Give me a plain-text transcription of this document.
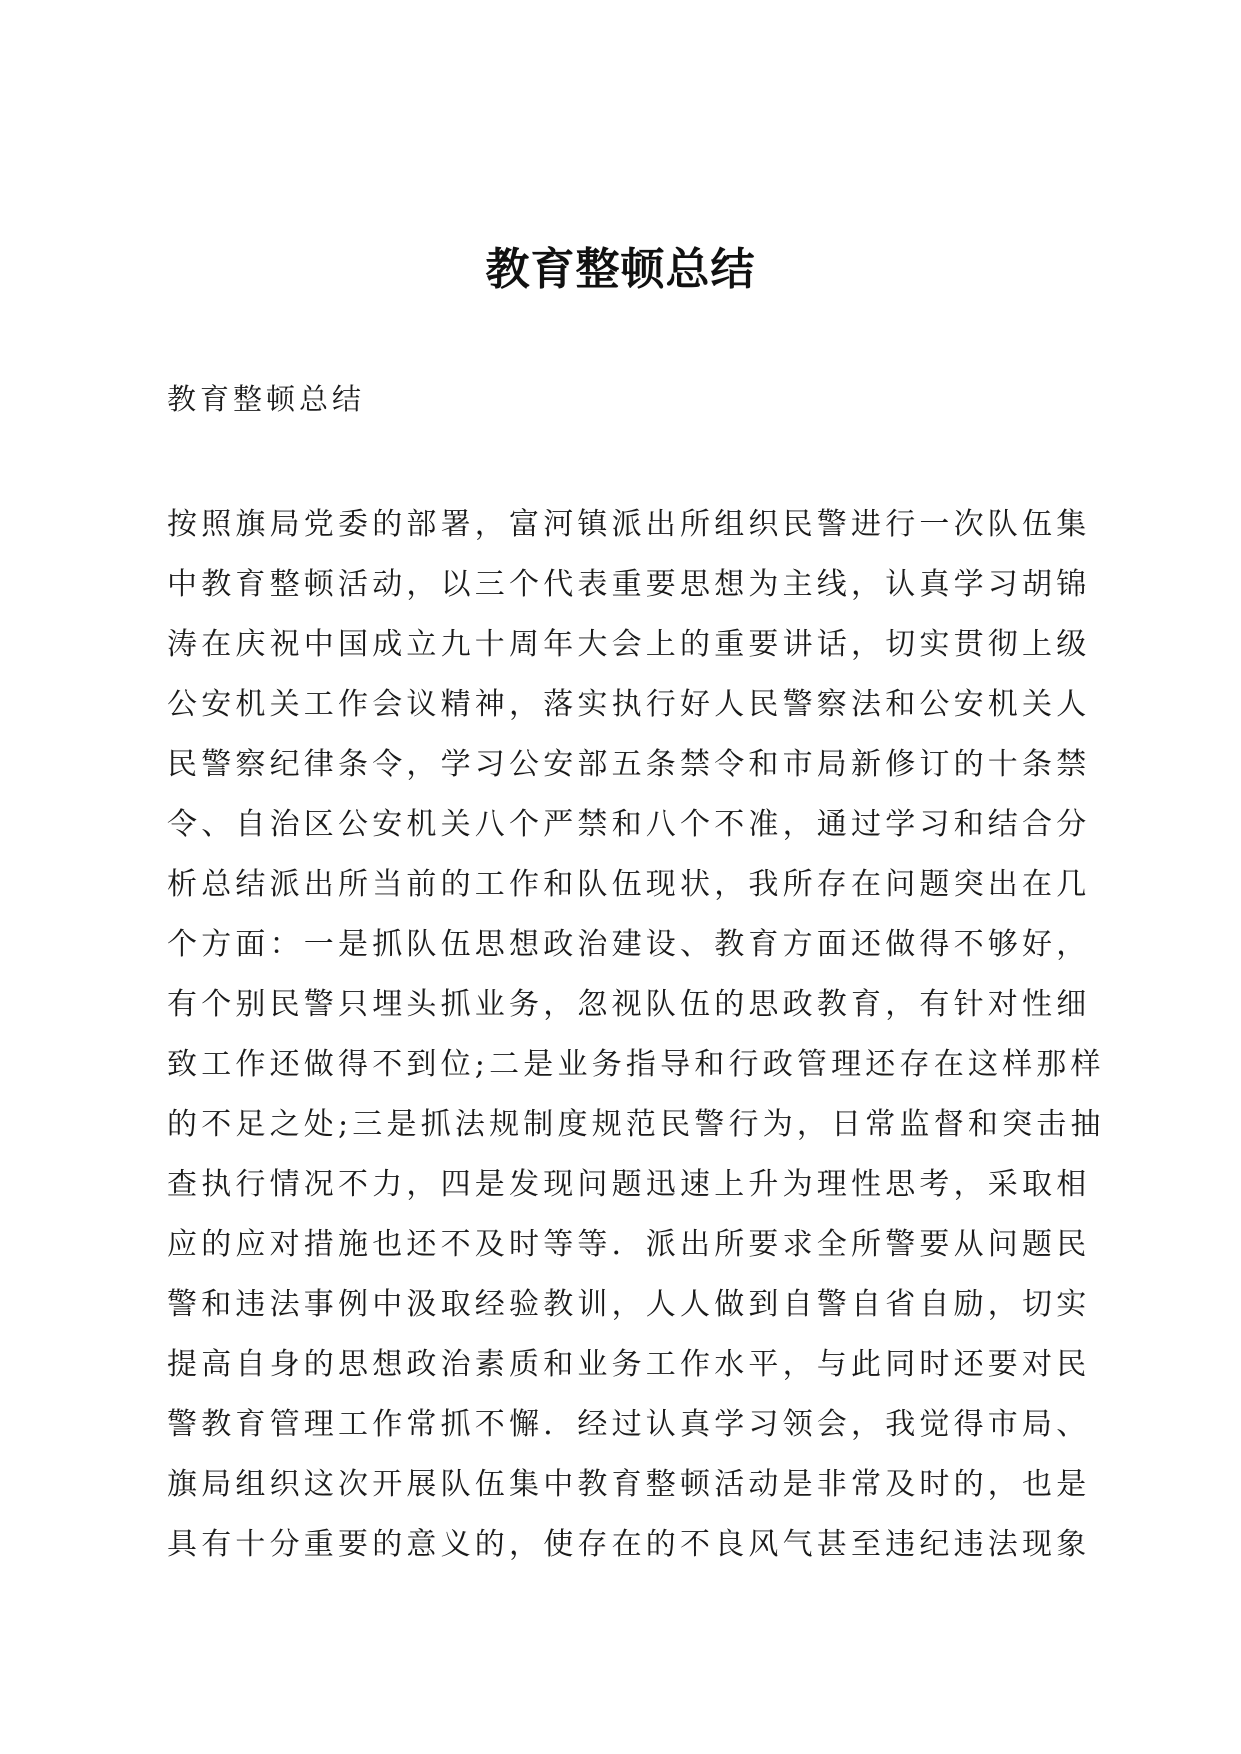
教育整顿总结

教育整顿总结

按照旗局党委的部署，富河镇派出所组织民警进行一次队伍集
中教育整顿活动，以三个代表重要思想为主线，认真学习胡锦
涛在庆祝中国成立九十周年大会上的重要讲话，切实贯彻上级
公安机关工作会议精神，落实执行好人民警察法和公安机关人
民警察纪律条令，学习公安部五条禁令和市局新修订的十条禁
令、自治区公安机关八个严禁和八个不准，通过学习和结合分
析总结派出所当前的工作和队伍现状，我所存在问题突出在几
个方面：一是抓队伍思想政治建设、教育方面还做得不够好，
有个别民警只埋头抓业务，忽视队伍的思政教育，有针对性细
致工作还做得不到位;二是业务指导和行政管理还存在这样那样
的不足之处;三是抓法规制度规范民警行为，日常监督和突击抽
查执行情况不力，四是发现问题迅速上升为理性思考，采取相
应的应对措施也还不及时等等．派出所要求全所警要从问题民
警和违法事例中汲取经验教训，人人做到自警自省自励，切实
提高自身的思想政治素质和业务工作水平，与此同时还要对民
警教育管理工作常抓不懈．经过认真学习领会，我觉得市局、
旗局组织这次开展队伍集中教育整顿活动是非常及时的，也是
具有十分重要的意义的，使存在的不良风气甚至违纪违法现象
